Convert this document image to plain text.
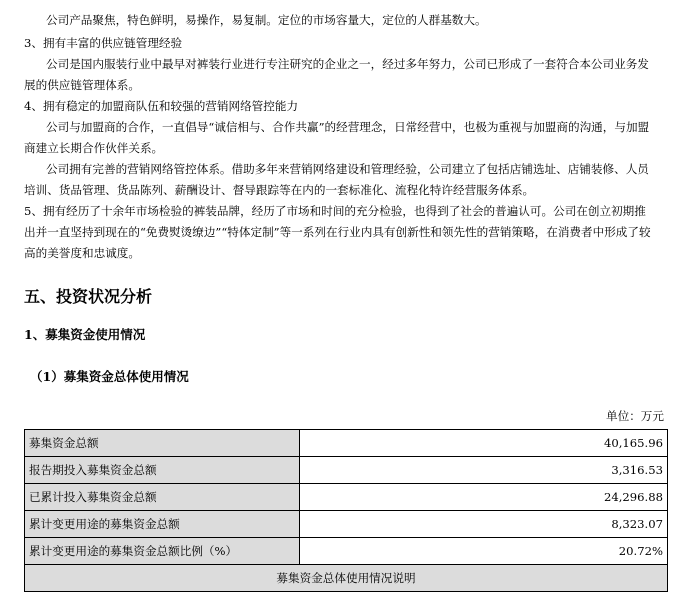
公司产品聚焦，特色鲜明，易操作，易复制。定位的市场容量大，定位的人群基数大。
3、拥有丰富的供应链管理经验
公司是国内服装行业中最早对裤装行业进行专注研究的企业之一，经过多年努力，公司已形成了一套符合本公司业务发
展的供应链管理体系。
4、拥有稳定的加盟商队伍和较强的营销网络管控能力
公司与加盟商的合作，一直倡导“诚信相与、合作共赢”的经营理念，日常经营中，也极为重视与加盟商的沟通，与加盟
商建立长期合作伙伴关系。
公司拥有完善的营销网络管控体系。借助多年来营销网络建设和管理经验，公司建立了包括店铺选址、店铺装修、人员
培训、货品管理、货品陈列、薪酬设计、督导跟踪等在内的一套标准化、流程化特许经营服务体系。
5、拥有经历了十余年市场检验的裤装品牌，经历了市场和时间的充分检验，也得到了社会的普遍认可。公司在创立初期推
出并一直坚持到现在的“免费熨烫缭边”“特体定制”等一系列在行业内具有创新性和领先性的营销策略，在消费者中形成了较
高的美誉度和忠诚度。
五、投资状况分析
1、募集资金使用情况
（1）募集资金总体使用情况
单位：万元
募集资金总额	40,165.96
报告期投入募集资金总额	3,316.53
已累计投入募集资金总额	24,296.88
累计变更用途的募集资金总额	8,323.07
累计变更用途的募集资金总额比例（%）	20.72%
募集资金总体使用情况说明	
